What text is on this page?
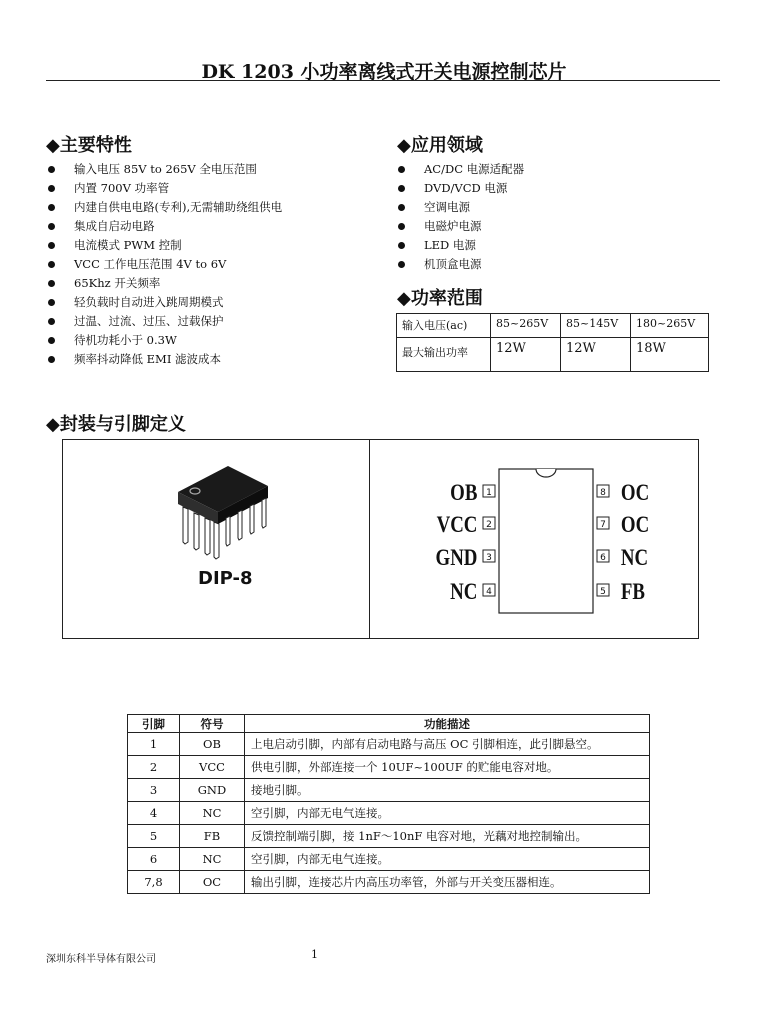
DK 1203 小功率离线式开关电源控制芯片
◆主要特性
输入电压 85V to 265V 全电压范围
内置 700V 功率管
内建自供电电路(专利),无需辅助绕组供电
集成自启动电路
电流模式 PWM 控制
VCC 工作电压范围 4V to 6V
65Khz 开关频率
轻负载时自动进入跳周期模式
过温、过流、过压、过载保护
待机功耗小于 0.3W
频率抖动降低 EMI 滤波成本
◆应用领域
AC/DC 电源适配器
DVD/VCD 电源
空调电源
电磁炉电源
LED 电源
机顶盒电源
◆功率范围
输入电压(ac)	85~265V	85~145V	180~265V
最大输出功率	12W	12W	18W
◆封装与引脚定义
DIP-8
1
2
3
4
8
7
6
5
OB
VCC
GND
NC
OC
OC
NC
FB
引脚	符号	功能描述
1	OB	上电启动引脚，内部有启动电路与高压 OC 引脚相连，此引脚悬空。
2	VCC	供电引脚，外部连接一个 10UF~100UF 的贮能电容对地。
3	GND	接地引脚。
4	NC	空引脚，内部无电气连接。
5	FB	反馈控制端引脚，接 1nF～10nF 电容对地，光藕对地控制输出。
6	NC	空引脚，内部无电气连接。
7,8	OC	输出引脚，连接芯片内高压功率管，外部与开关变压器相连。
深圳东科半导体有限公司	1
